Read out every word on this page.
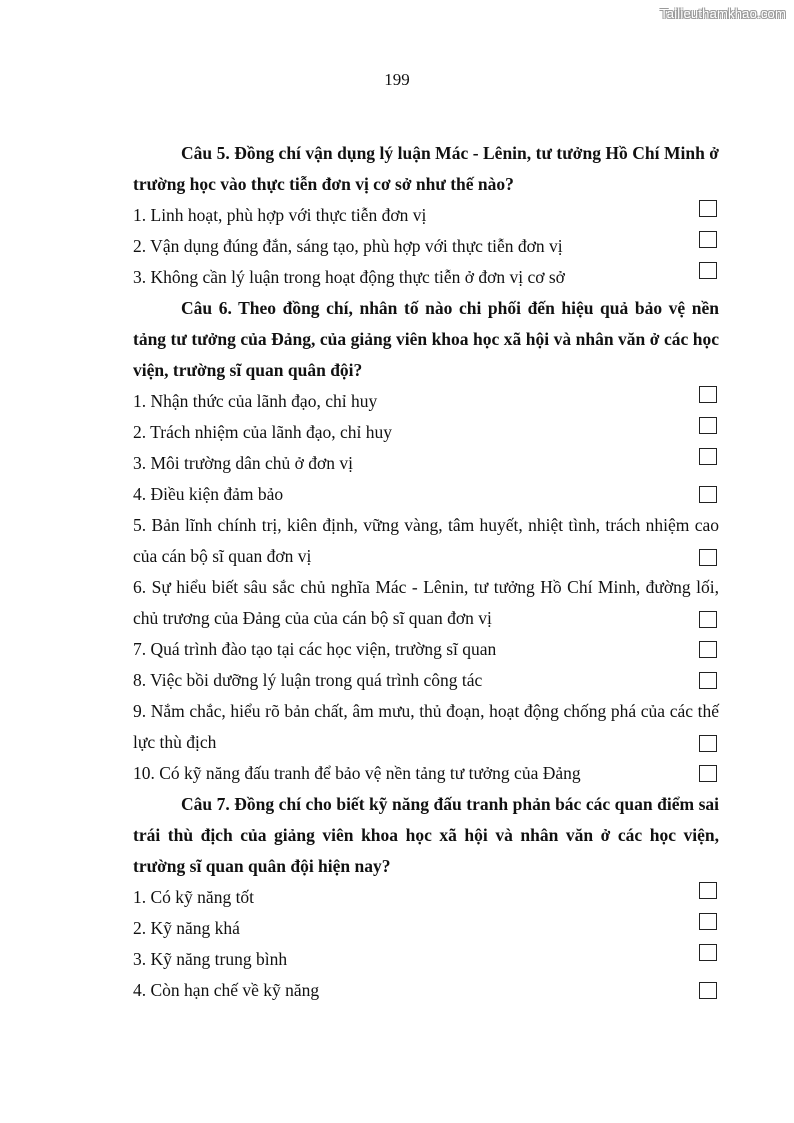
Tailieuthamkhao.com
199

Câu 5. Đồng chí vận dụng lý luận Mác - Lênin, tư tưởng Hồ Chí Minh ở trường học vào thực tiễn đơn vị cơ sở như thế nào?

1. Linh hoạt, phù hợp với thực tiễn đơn vị
2. Vận dụng đúng đắn, sáng tạo, phù hợp với thực tiễn đơn vị
3. Không cần lý luận trong hoạt động thực tiễn ở đơn vị cơ sở

Câu 6. Theo đồng chí, nhân tố nào chi phối đến hiệu quả bảo vệ nền tảng tư tưởng của Đảng, của giảng viên khoa học xã hội và nhân văn ở các học viện, trường sĩ quan quân đội?

1. Nhận thức của lãnh đạo, chỉ huy
2. Trách nhiệm của lãnh đạo, chỉ huy
3. Môi trường dân chủ ở đơn vị
4. Điều kiện đảm bảo
5. Bản lĩnh chính trị, kiên định, vững vàng, tâm huyết, nhiệt tình, trách nhiệm cao của cán bộ sĩ quan đơn vị
6. Sự hiểu biết sâu sắc chủ nghĩa Mác - Lênin, tư tưởng Hồ Chí Minh, đường lối, chủ trương của Đảng của của cán bộ sĩ quan đơn vị
7. Quá trình đào tạo tại các học viện, trường sĩ quan
8. Việc bồi dưỡng lý luận trong quá trình công tác
9. Nắm chắc, hiểu rõ bản chất, âm mưu, thủ đoạn, hoạt động chống phá của các thế lực thù địch
10. Có kỹ năng đấu tranh để bảo vệ nền tảng tư tưởng của Đảng

Câu 7. Đồng chí cho biết kỹ năng đấu tranh phản bác các quan điểm sai trái thù địch của giảng viên khoa học xã hội và nhân văn ở các học viện, trường sĩ quan quân đội hiện nay?

1. Có kỹ năng tốt
2. Kỹ năng khá
3. Kỹ năng trung bình
4. Còn hạn chế về kỹ năng
